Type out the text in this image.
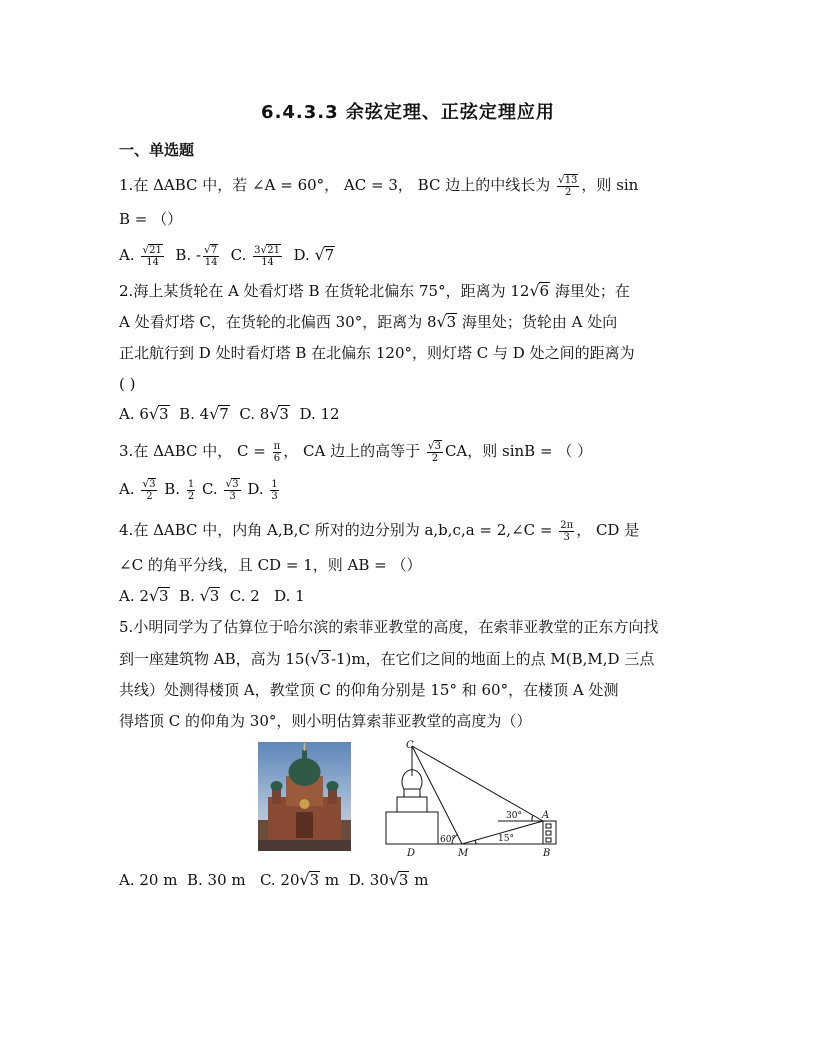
6.4.3.3 余弦定理、正弦定理应用
一、单选题
1.在 ΔABC 中，若 ∠A = 60°， AC = 3， BC 边上的中线长为 $\frac{√13}{2}$ ，则 sin
B = （）
A. $\frac{√21}{14} B$. - $\frac{√7}{14} C$. $\frac{3√21}{14} D$. √7
2.海上某货轮在 A 处看灯塔 B 在货轮北偏东 75°，距离为 12√6 海里处；在
A 处看灯塔 C，在货轮的北偏西 30°，距离为 8√3 海里处；货轮由 A 处向
正北航行到 D 处时看灯塔 B 在北偏东 120°，则灯塔 C 与 D 处之间的距离为
( )
A. 6√3 B. 4√7 C. 8√3 D. 12
3.在 ΔABC 中， $C = \frac{\pi}{6}$ ， CA 边上的高等于 $\frac{√3}{2}$ CA，则 sinB = （ ）
A. $\frac{√3}{2} B$. $\frac{1}{2} C$. $\frac{√3}{3} D$. $\frac{1}{3}$
4.在 ΔABC 中，内角 A,B,C 所对的边分别为 a,b,c,a = 2,∠C = $\frac{2\pi}{3}$ ， CD 是
∠C 的角平分线，且 CD = 1，则 AB = （）
A. 2√3 B. √3 C. 2 D. 1
5.小明同学为了估算位于哈尔滨的索菲亚教堂的高度，在索菲亚教堂的正东方向找
到一座建筑物 AB，高为 15(√3-1)m，在它们之间的地面上的点 M(B,M,D 三点
共线）处测得楼顶 A，教堂顶 C 的仰角分别是 15° 和 60°，在楼顶 A 处测
得塔顶 C 的仰角为 30°，则小明估算索菲亚教堂的高度为（）
C
A
D	M	B
30°
60°	15°
A. 20 m B. 30 m C. 20√3 m D. 30√3 m
